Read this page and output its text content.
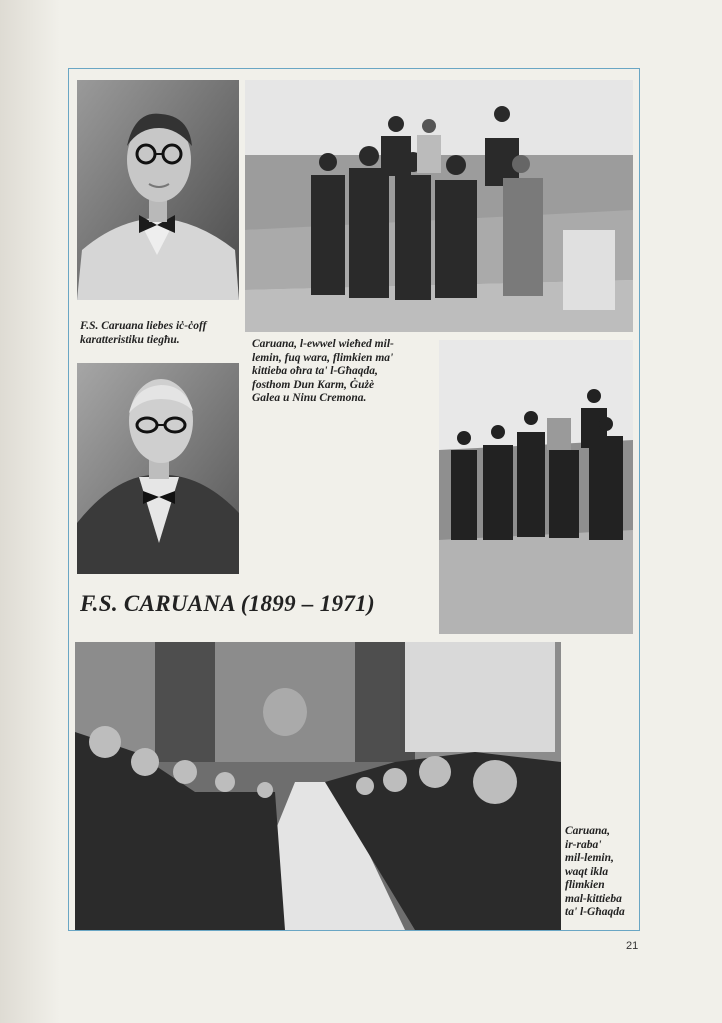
F.S. Caruana liebes iċ-ċoff
karatteristiku tiegħu.	Caruana, l-ewwel wieħed mil-
lemin, fuq wara, flimkien ma'
kittieba oħra ta' l-Għaqda,
fosthom Dun Karm, Ġużè
Galea u Ninu Cremona.
F.S. CARUANA (1899 – 1971)
Caruana,
ir-raba'
mil-lemin,
waqt ikla
flimkien
mal-kittieba
ta' l-Għaqda
21
